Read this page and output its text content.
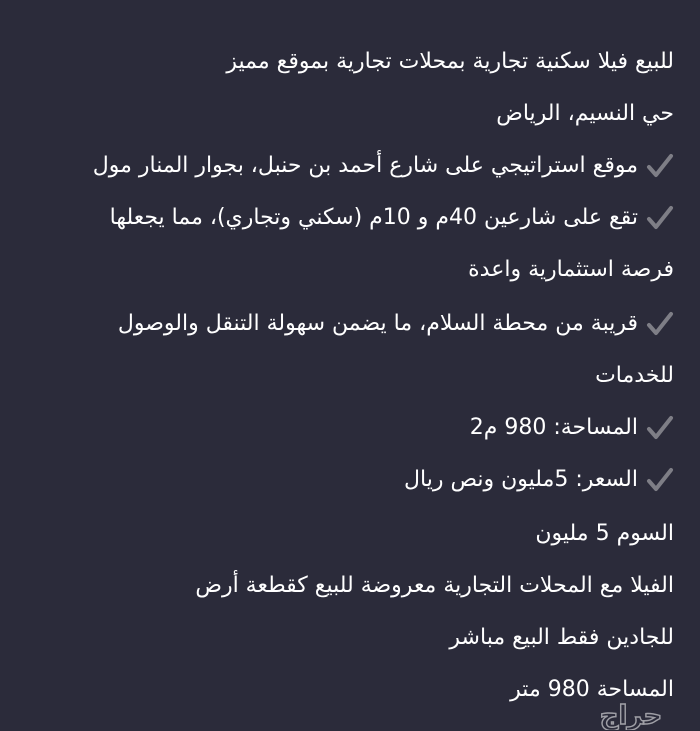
للبيع فيلا سكنية تجارية بمحلات تجارية بموقع مميز
حي النسيم، الرياض
موقع استراتيجي على شارع أحمد بن حنبل، بجوار المنار مول
تقع على شارعين 40م و 10م (سكني وتجاري)، مما يجعلها
فرصة استثمارية واعدة
قريبة من محطة السلام، ما يضمن سهولة التنقل والوصول
للخدمات
المساحة: 980 م2
السعر: 5مليون ونص ريال
السوم 5 مليون
الفيلا مع المحلات التجارية معروضة للبيع كقطعة أرض
للجادين فقط البيع مباشر
المساحة 980 متر
حراج
